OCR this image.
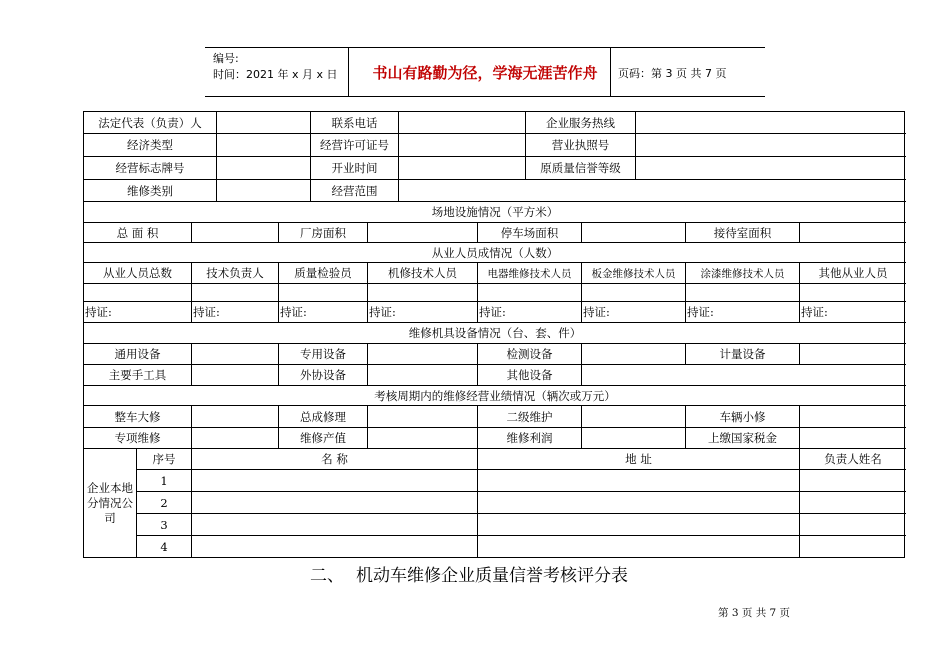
编号:
时间：2021 年 x 月 x 日	书山有路勤为径，学海无涯苦作舟	页码：第 3 页 共 7 页
法定代表（负责）人	联系电话	企业服务热线
经济类型	经营许可证号	营业执照号
经营标志牌号	开业时间	原质量信誉等级
维修类别	经营范围
场地设施情况（平方米）
总 面 积	厂房面积	停车场面积	接待室面积
从业人员成情况（人数）
从业人员总数	技术负责人	质量检验员	机修技术人员	电器维修技术人员	板金维修技术人员	涂漆维修技术人员	其他从业人员
持证:	持证:	持证:	持证:	持证:	持证:	持证:	持证:
维修机具设备情况（台、套、件）
通用设备	专用设备	检测设备	计量设备
主要手工具	外协设备	其他设备
考核周期内的维修经营业绩情况（辆次或万元）
整车大修	总成修理	二级维护	车辆小修
专项维修	维修产值	维修利润	上缴国家税金
企业本地分情况公司
序号	名 称	地 址	负责人姓名
1
2
3
4
二、 机动车维修企业质量信誉考核评分表
第 3 页 共 7 页
